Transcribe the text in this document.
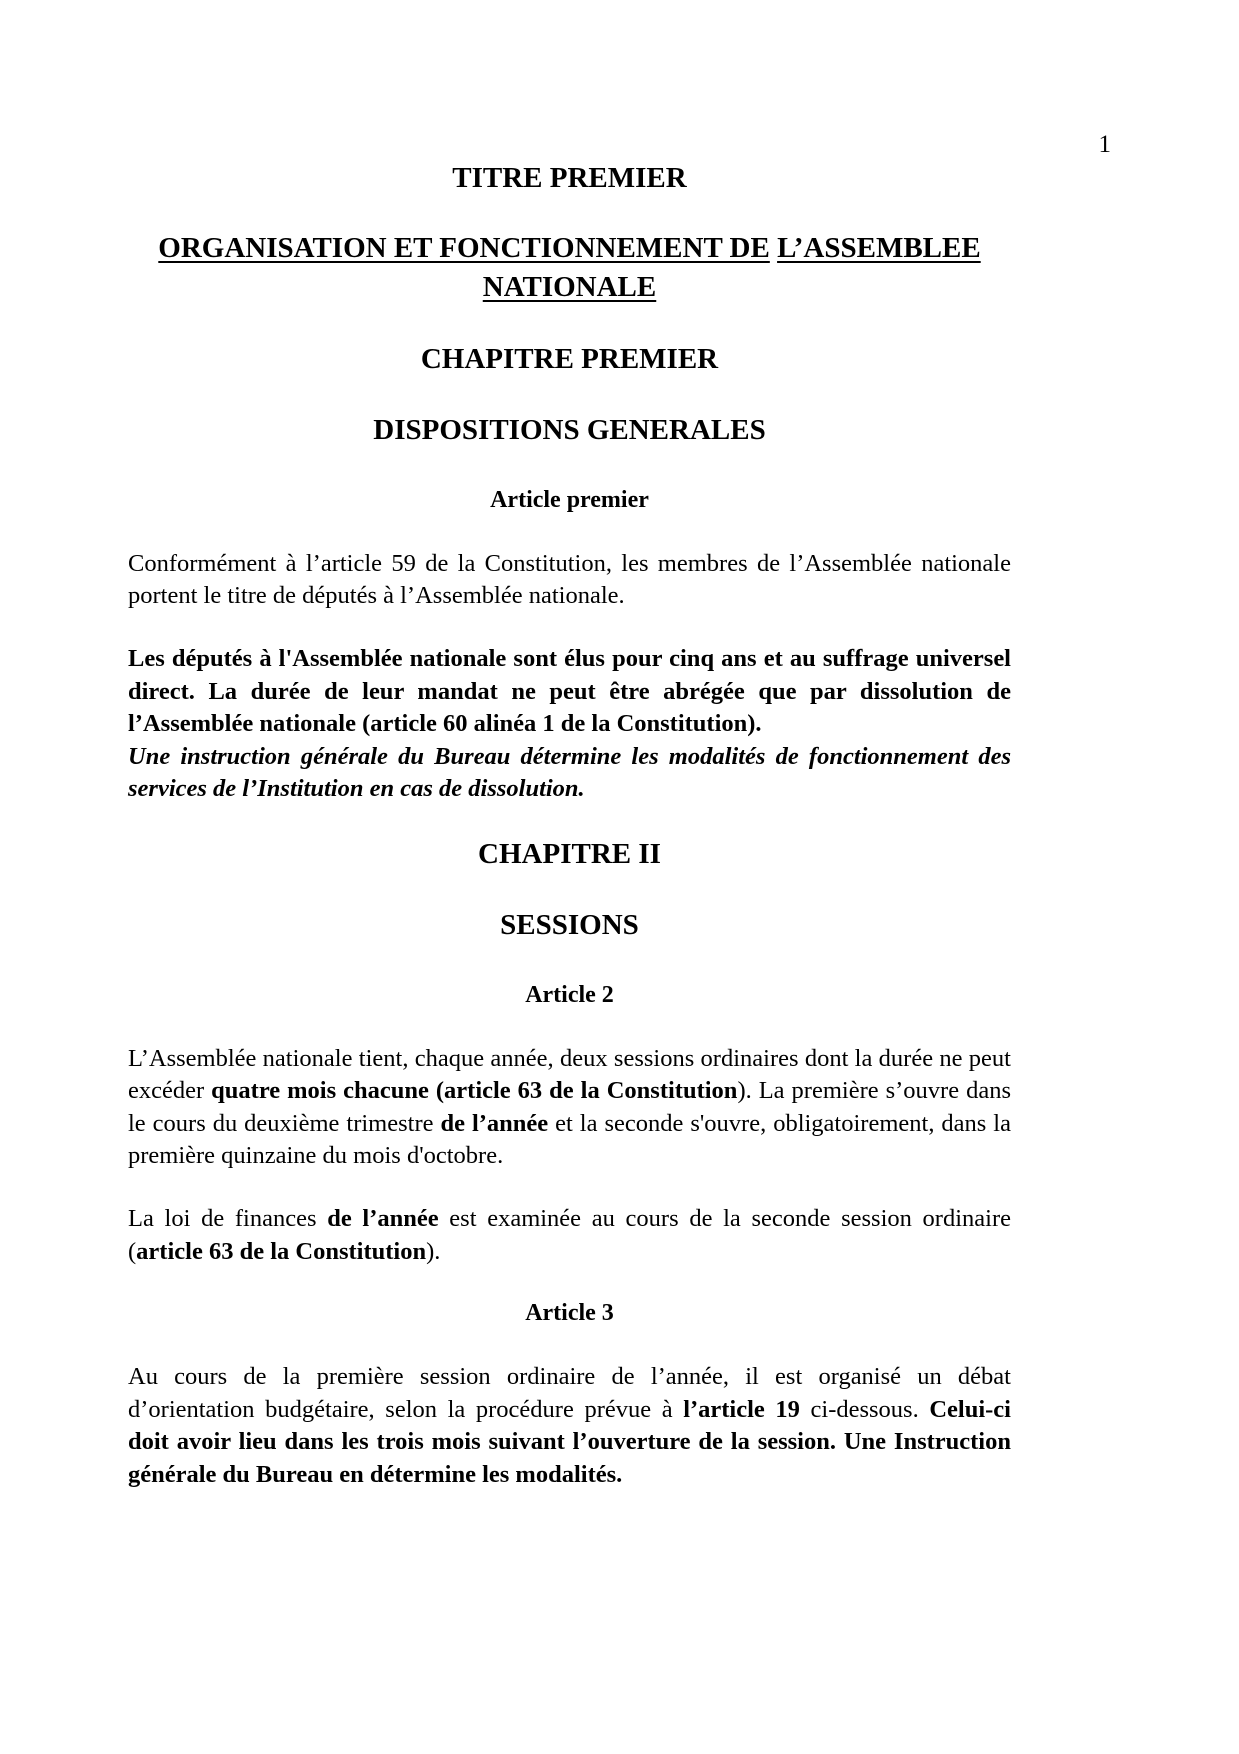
1
TITRE PREMIER
ORGANISATION ET FONCTIONNEMENT DE L’ASSEMBLEE
NATIONALE
CHAPITRE PREMIER
DISPOSITIONS GENERALES
Article premier

Conformément à l’article 59 de la Constitution, les membres de l’Assemblée nationale portent le titre de députés à l’Assemblée nationale.

Les députés à l'Assemblée nationale sont élus pour cinq ans et au suffrage universel direct. La durée de leur mandat ne peut être abrégée que par dissolution de l’Assemblée nationale (article 60 alinéa 1 de la Constitution).

Une instruction générale du Bureau détermine les modalités de fonctionnement des services de l’Institution en cas de dissolution.

CHAPITRE II
SESSIONS
Article 2

L’Assemblée nationale tient, chaque année, deux sessions ordinaires dont la durée ne peut excéder quatre mois chacune (article 63 de la Constitution). La première s’ouvre dans le cours du deuxième trimestre de l’année et la seconde s'ouvre, obligatoirement, dans la première quinzaine du mois d'octobre.

La loi de finances de l’année est examinée au cours de la seconde session ordinaire (article 63 de la Constitution).

Article 3

Au cours de la première session ordinaire de l’année, il est organisé un débat d’orientation budgétaire, selon la procédure prévue à l’article 19 ci-dessous. Celui-ci doit avoir lieu dans les trois mois suivant l’ouverture de la session. Une Instruction générale du Bureau en détermine les modalités.
